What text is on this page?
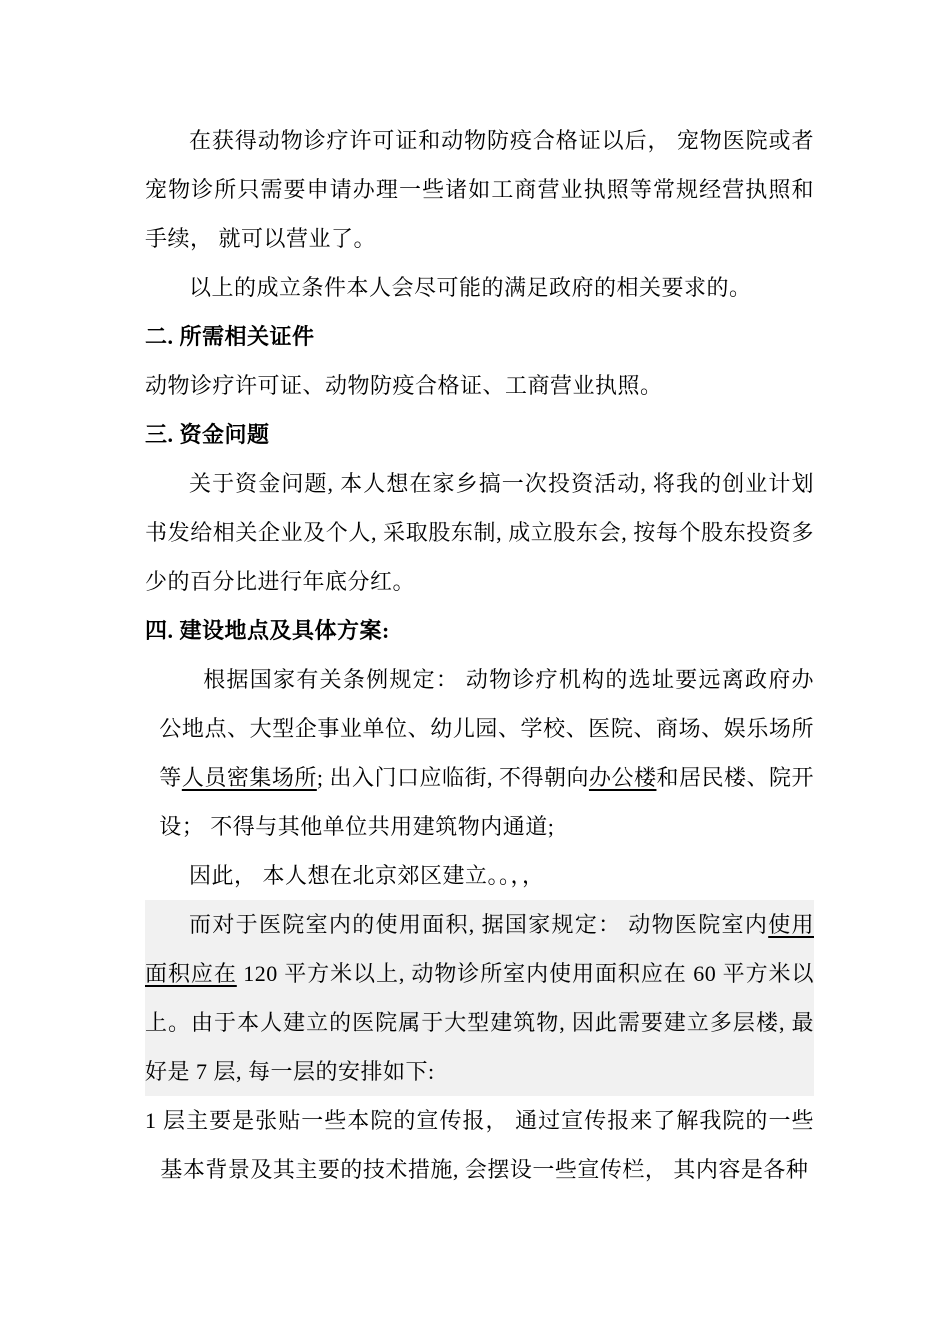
在获得动物诊疗许可证和动物防疫合格证以后， 宠物医院或者宠物诊所只需要申请办理一些诸如工商营业执照等常规经营执照和手续， 就可以营业了。

以上的成立条件本人会尽可能的满足政府的相关要求的。

二. 所需相关证件

动物诊疗许可证、动物防疫合格证、工商营业执照。

三. 资金问题

关于资金问题, 本人想在家乡搞一次投资活动, 将我的创业计划书发给相关企业及个人, 采取股东制, 成立股东会, 按每个股东投资多少的百分比进行年底分红。

四. 建设地点及具体方案:

根据国家有关条例规定： 动物诊疗机构的选址要远离政府办公地点、大型企事业单位、幼儿园、学校、医院、商场、娱乐场所等人员密集场所; 出入门口应临街, 不得朝向办公楼和居民楼、院开设； 不得与其他单位共用建筑物内通道;

因此， 本人想在北京郊区建立。。，，

而对于医院室内的使用面积, 据国家规定： 动物医院室内使用面积应在 120 平方米以上, 动物诊所室内使用面积应在 60 平方米以上。由于本人建立的医院属于大型建筑物, 因此需要建立多层楼, 最好是 7 层, 每一层的安排如下:

1 层主要是张贴一些本院的宣传报， 通过宣传报来了解我院的一些基本背景及其主要的技术措施, 会摆设一些宣传栏， 其内容是各种
